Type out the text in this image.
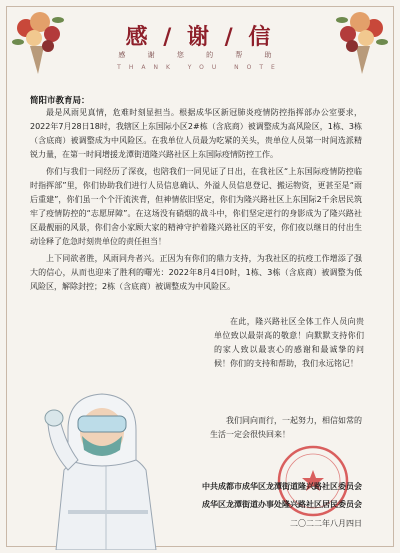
感 / 谢 / 信
感 谢 您 的 帮 助
THANK YOU NOTE
简阳市教育局：

最是风雨见真情，危难时刻显担当。根据成华区新冠肺炎疫情防控指挥部办公室要求，2022年7月28日18时，我辖区上东国际小区2#栋（含底商）被调整成为高风险区，1栋、3栋（含底商）被调整成为中风险区。在我单位人员最为吃紧的关头，贵单位人员第一时间选派精锐力量，在第一时间增援龙潭街道隆兴路社区上东国际疫情防控工作。

你们与我们一同经历了深夜，也陪我们一同见证了日出，在我社区“上东国际疫情防控临时指挥部”里，你们协助我们进行人员信息确认、外溢人员信息登记、搬运物资，更甚至是“雨后重建”，你们虽一个个汗流浃背，但神情依旧坚定，你们为隆兴路社区上东国际2千余居民筑牢了疫情防控的“志愿屏障”。在这场没有硝烟的战斗中，你们坚定逆行的身影成为了隆兴路社区最靓丽的风景，你们舍小家顾大家的精神守护着隆兴路社区的平安，你们夜以继日的付出生动诠释了危急时刻贵单位的责任担当！

上下同欲者胜，风雨同舟者兴。正因为有你们的鼎力支持，为我社区的抗疫工作增添了强大的信心，从而也迎来了胜利的曙光：2022年8月4日0时，1栋、3栋（含底商）被调整为低风险区，解除封控；2栋（含底商）被调整成为中风险区。

在此，隆兴路社区全体工作人员向贵单位致以最崇高的敬意！向默默支持你们的家人致以最衷心的感谢和最诚挚的问候！你们的支持和帮助，我们永远铭记！

我们同向而行，一起努力，相信如常的生活一定会很快回来！

中共成都市成华区龙潭街道隆兴路社区委员会
成华区龙潭街道办事处隆兴路社区居民委员会
二〇二二年八月四日
